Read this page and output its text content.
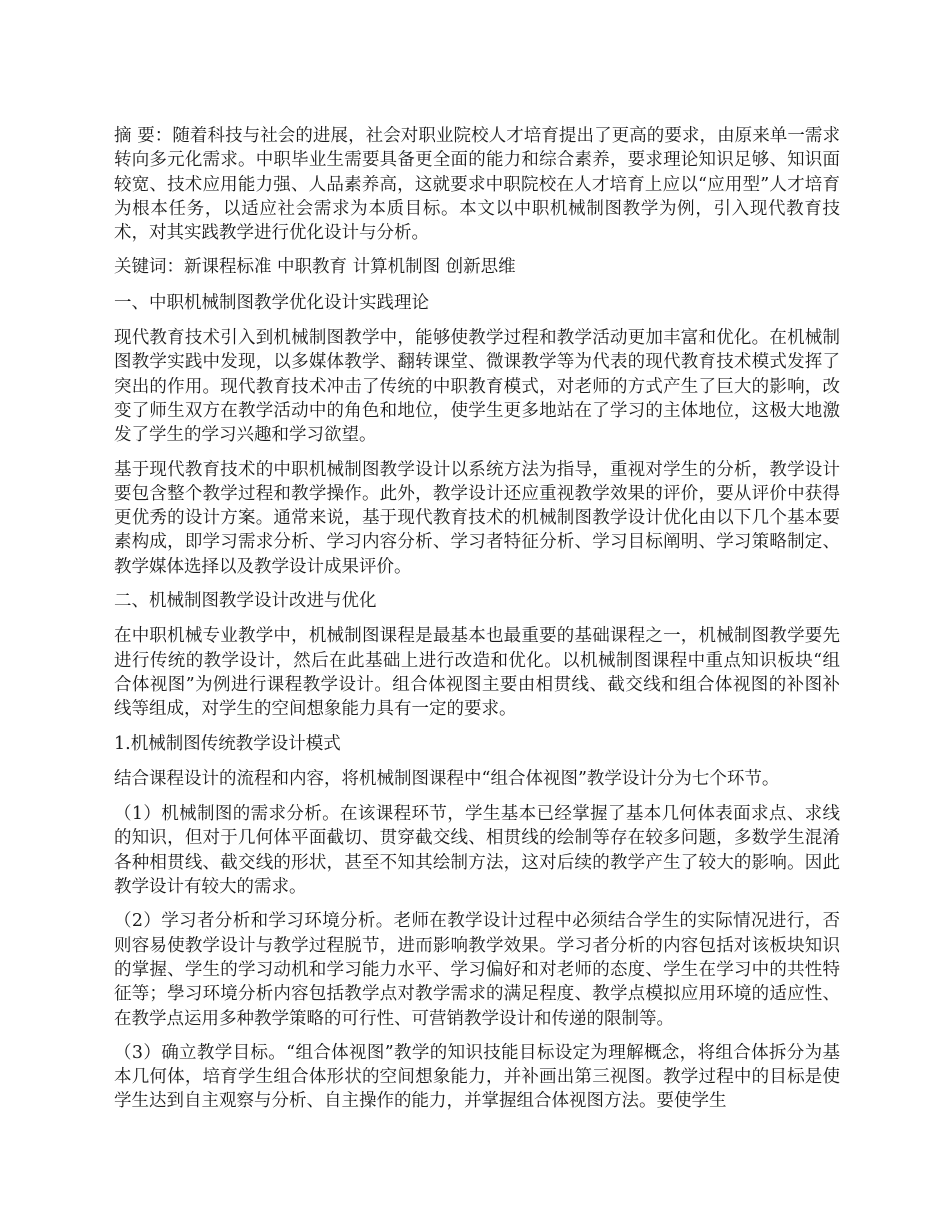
摘 要：随着科技与社会的进展，社会对职业院校人才培育提出了更高的要求，由原来单一需求转向多元化需求。中职毕业生需要具备更全面的能力和综合素养，要求理论知识足够、知识面较宽、技术应用能力强、人品素养高，这就要求中职院校在人才培育上应以“应用型”人才培育为根本任务，以适应社会需求为本质目标。本文以中职机械制图教学为例，引入现代教育技术，对其实践教学进行优化设计与分析。

关键词：新课程标准 中职教育 计算机制图 创新思维

一、中职机械制图教学优化设计实践理论

现代教育技术引入到机械制图教学中，能够使教学过程和教学活动更加丰富和优化。在机械制图教学实践中发现，以多媒体教学、翻转课堂、微课教学等为代表的现代教育技术模式发挥了突出的作用。现代教育技术冲击了传统的中职教育模式，对老师的方式产生了巨大的影响，改变了师生双方在教学活动中的角色和地位，使学生更多地站在了学习的主体地位，这极大地激发了学生的学习兴趣和学习欲望。

基于现代教育技术的中职机械制图教学设计以系统方法为指导，重视对学生的分析，教学设计要包含整个教学过程和教学操作。此外，教学设计还应重视教学效果的评价，要从评价中获得更优秀的设计方案。通常来说，基于现代教育技术的机械制图教学设计优化由以下几个基本要素构成，即学习需求分析、学习内容分析、学习者特征分析、学习目标阐明、学习策略制定、教学媒体选择以及教学设计成果评价。

二、机械制图教学设计改进与优化

在中职机械专业教学中，机械制图课程是最基本也最重要的基础课程之一，机械制图教学要先进行传统的教学设计，然后在此基础上进行改造和优化。以机械制图课程中重点知识板块“组合体视图”为例进行课程教学设计。组合体视图主要由相贯线、截交线和组合体视图的补图补线等组成，对学生的空间想象能力具有一定的要求。

1.机械制图传统教学设计模式

结合课程设计的流程和内容，将机械制图课程中“组合体视图”教学设计分为七个环节。

（1）机械制图的需求分析。在该课程环节，学生基本已经掌握了基本几何体表面求点、求线的知识，但对于几何体平面截切、贯穿截交线、相贯线的绘制等存在较多问题，多数学生混淆各种相贯线、截交线的形状，甚至不知其绘制方法，这对后续的教学产生了较大的影响。因此教学设计有较大的需求。

（2）学习者分析和学习环境分析。老师在教学设计过程中必须结合学生的实际情况进行，否则容易使教学设计与教学过程脱节，进而影响教学效果。学习者分析的内容包括对该板块知识的掌握、学生的学习动机和学习能力水平、学习偏好和对老师的态度、学生在学习中的共性特征等；學习环境分析内容包括教学点对教学需求的满足程度、教学点模拟应用环境的适应性、在教学点运用多种教学策略的可行性、可营销教学设计和传递的限制等。

（3）确立教学目标。“组合体视图”教学的知识技能目标设定为理解概念，将组合体拆分为基本几何体，培育学生组合体形状的空间想象能力，并补画出第三视图。教学过程中的目标是使学生达到自主观察与分析、自主操作的能力，并掌握组合体视图方法。要使学生
